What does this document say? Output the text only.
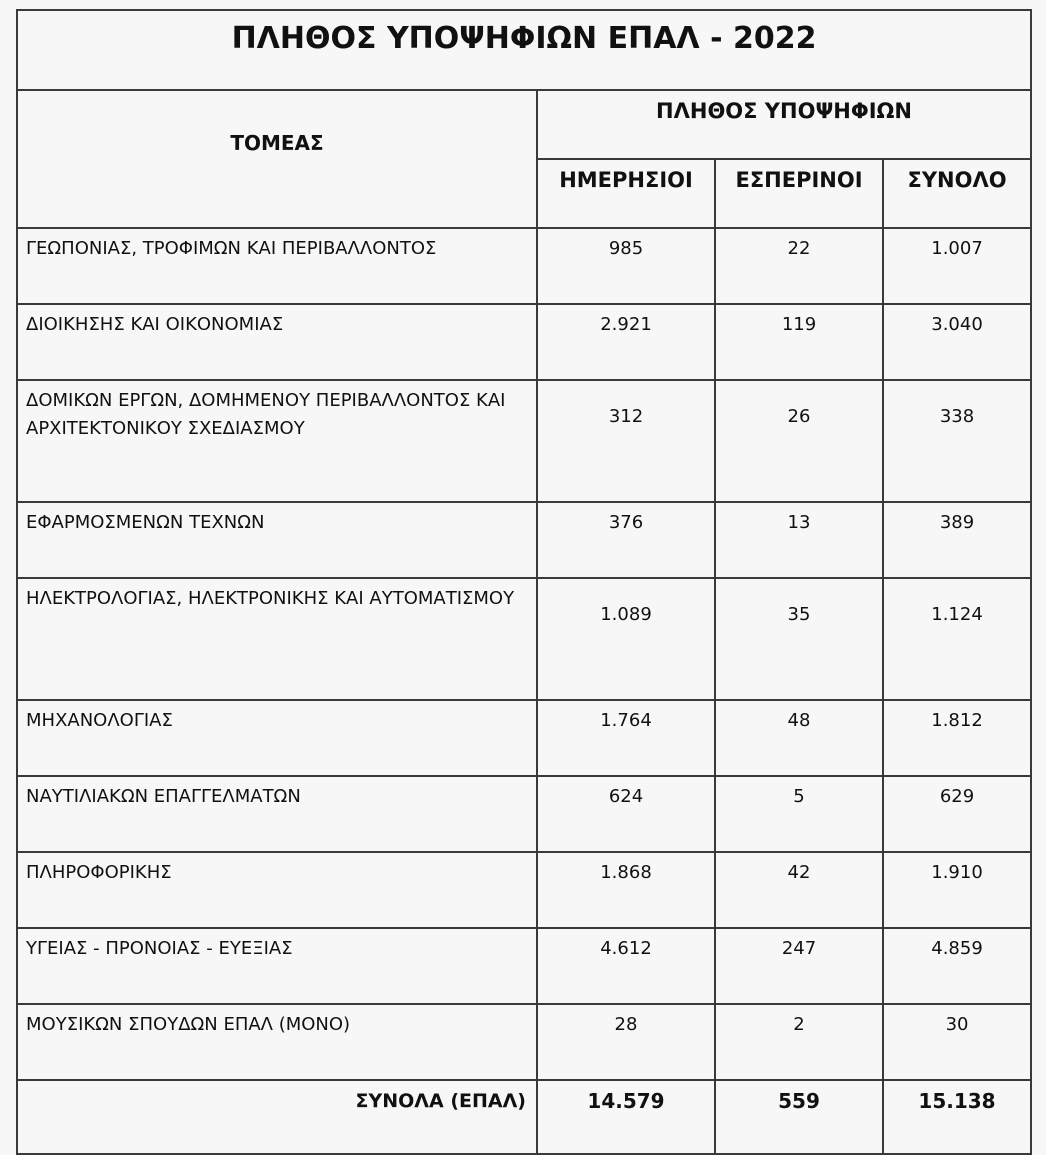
ΠΛΗΘΟΣ ΥΠΟΨΗΦΙΩΝ ΕΠΑΛ - 2022			

ΤΟΜΕΑΣ	ΠΛΗΘΟΣ ΥΠΟΨΗΦΙΩΝ		

	ΗΜΕΡΗΣΙΟΙ	ΕΣΠΕΡΙΝΟΙ	ΣΥΝΟΛΟ

ΓΕΩΠΟΝΙΑΣ, ΤΡΟΦΙΜΩΝ ΚΑΙ ΠΕΡΙΒΑΛΛΟΝΤΟΣ	985	22	1.007
ΔΙΟΙΚΗΣΗΣ ΚΑΙ ΟΙΚΟΝΟΜΙΑΣ	2.921	119	3.040
ΔΟΜΙΚΩΝ ΕΡΓΩΝ, ΔΟΜΗΜΕΝΟΥ ΠΕΡΙΒΑΛΛΟΝΤΟΣ ΚΑΙ ΑΡΧΙΤΕΚΤΟΝΙΚΟΥ ΣΧΕΔΙΑΣΜΟΥ	312	26	338
ΕΦΑΡΜΟΣΜΕΝΩΝ ΤΕΧΝΩΝ	376	13	389
ΗΛΕΚΤΡΟΛΟΓΙΑΣ, ΗΛΕΚΤΡΟΝΙΚΗΣ ΚΑΙ ΑΥΤΟΜΑΤΙΣΜΟΥ	1.089	35	1.124
ΜΗΧΑΝΟΛΟΓΙΑΣ	1.764	48	1.812
ΝΑΥΤΙΛΙΑΚΩΝ ΕΠΑΓΓΕΛΜΑΤΩΝ	624	5	629
ΠΛΗΡΟΦΟΡΙΚΗΣ	1.868	42	1.910
ΥΓΕΙΑΣ - ΠΡΟΝΟΙΑΣ - ΕΥΕΞΙΑΣ	4.612	247	4.859
ΜΟΥΣΙΚΩΝ ΣΠΟΥΔΩΝ ΕΠΑΛ (ΜΟΝΟ)	28	2	30
ΣΥΝΟΛΑ (ΕΠΑΛ)	14.579	559	15.138
